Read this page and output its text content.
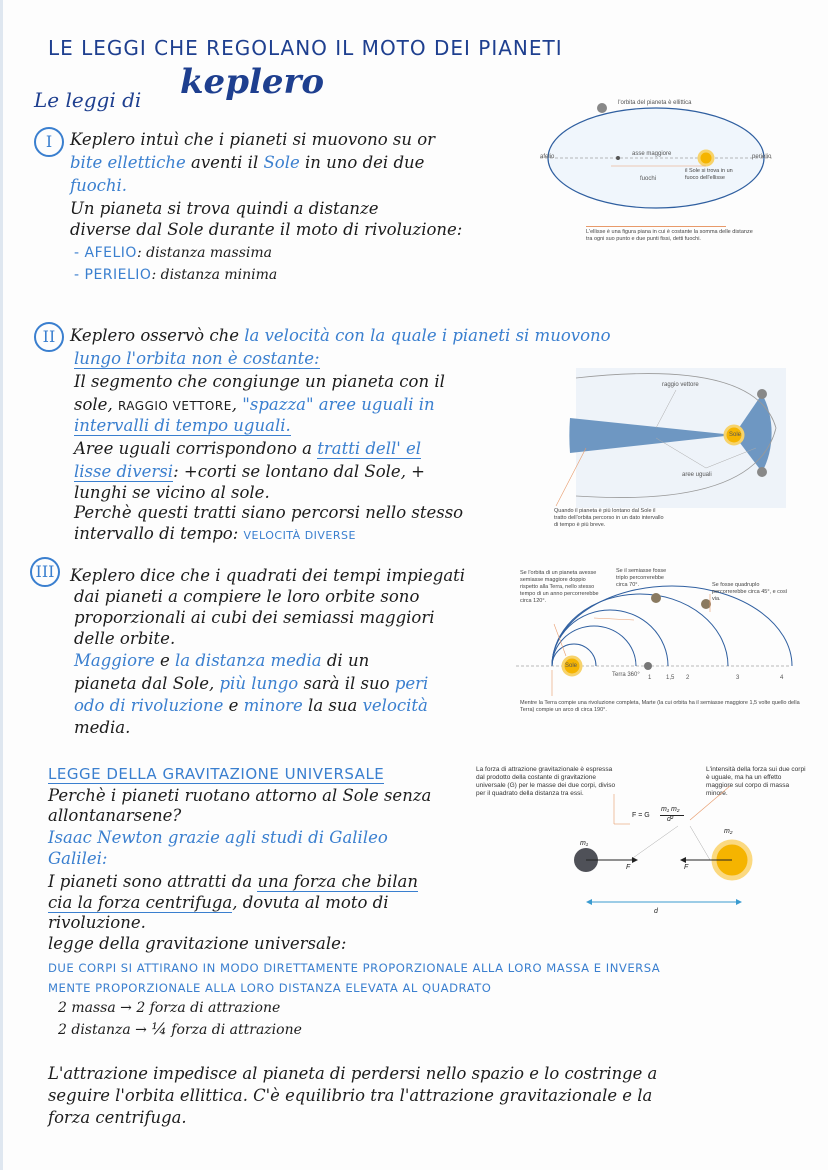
LE LEGGI CHE REGOLANO IL MOTO DEI PIANETI
Le leggi di keplero
I	Keplero intuì che i pianeti si muovono su or
bite ellettiche aventi il Sole in uno dei due
fuochi.
Un pianeta si trova quindi a distanze
diverse dal Sole durante il moto di rivoluzione:
- AFELIO: distanza massima
- PERIELIO: distanza minima
l'orbita del pianeta è ellittica
afelio	perielio
asse maggiore
fuochi
il Sole si trova in un fuoco dell'ellisse
L'ellisse è una figura piana in cui è costante la somma delle distanze tra ogni suo punto e due punti fissi, detti fuochi.
II Keplero osservò che la velocità con la quale i pianeti si muovono
lungo l'orbita non è costante:
Il segmento che congiunge un pianeta con il
sole, RAGGIO VETTORE, "spazza" aree uguali in
intervalli di tempo uguali.
Aree uguali corrispondono a tratti dell' el
lisse diversi: +corti se lontano dal Sole, +
lunghi se vicino al sole.
Perchè questi tratti siano percorsi nello stesso
intervallo di tempo: VELOCITÀ DIVERSE
raggio vettore
Sole
aree uguali
Quando il pianeta è più lontano dal Sole il tratto dell'orbita percorso in un dato intervallo di tempo è più breve.
III Keplero dice che i quadrati dei tempi impiegati
dai pianeti a compiere le loro orbite sono
proporzionali ai cubi dei semiassi maggiori
delle orbite.
Maggiore e la distanza media di un
pianeta dal Sole, più lungo sarà il suo peri
odo di rivoluzione e minore la sua velocità
media.
Se l'orbita di un pianeta avesse semiasse maggiore doppio rispetto alla Terra, nello stesso tempo di un anno percorrerebbe circa 120°.
Se il semiasse fosse triplo percorrerebbe circa 70°.	Se fosse quadruplo percorrerebbe circa 45°, e così via.
Sole
Terra 360° 1 1,5 2	3	4
Mentre la Terra compie una rivoluzione completa, Marte (la cui orbita ha il semiasse maggiore 1,5 volte quello della Terra) compie un arco di circa 190°.
LEGGE DELLA GRAVITAZIONE UNIVERSALE
Perchè i pianeti ruotano attorno al Sole senza
allontanarsene?
Isaac Newton grazie agli studi di Galileo
Galilei:
I pianeti sono attratti da una forza che bilan
cia la forza centrifuga, dovuta al moto di
rivoluzione.
legge della gravitazione universale:
DUE CORPI SI ATTIRANO IN MODO DIRETTAMENTE PROPORZIONALE ALLA LORO MASSA E INVERSA
MENTE PROPORZIONALE ALLA LORO DISTANZA ELEVATA AL QUADRATO
2 massa → 2 forza di attrazione
2 distanza → ¼ forza di attrazione
La forza di attrazione gravitazionale è espressa dal prodotto della costante di gravitazione universale (G) per le masse dei due corpi, diviso per il quadrato della distanza tra essi.
L'intensità della forza sui due corpi è uguale, ma ha un effetto maggiore sul corpo di massa minore.
F = G
m₁ m₂
d²
m₁
m₂
F	F
d
L'attrazione impedisce al pianeta di perdersi nello spazio e lo costringe a
seguire l'orbita ellittica. C'è equilibrio tra l'attrazione gravitazionale e la
forza centrifuga.
